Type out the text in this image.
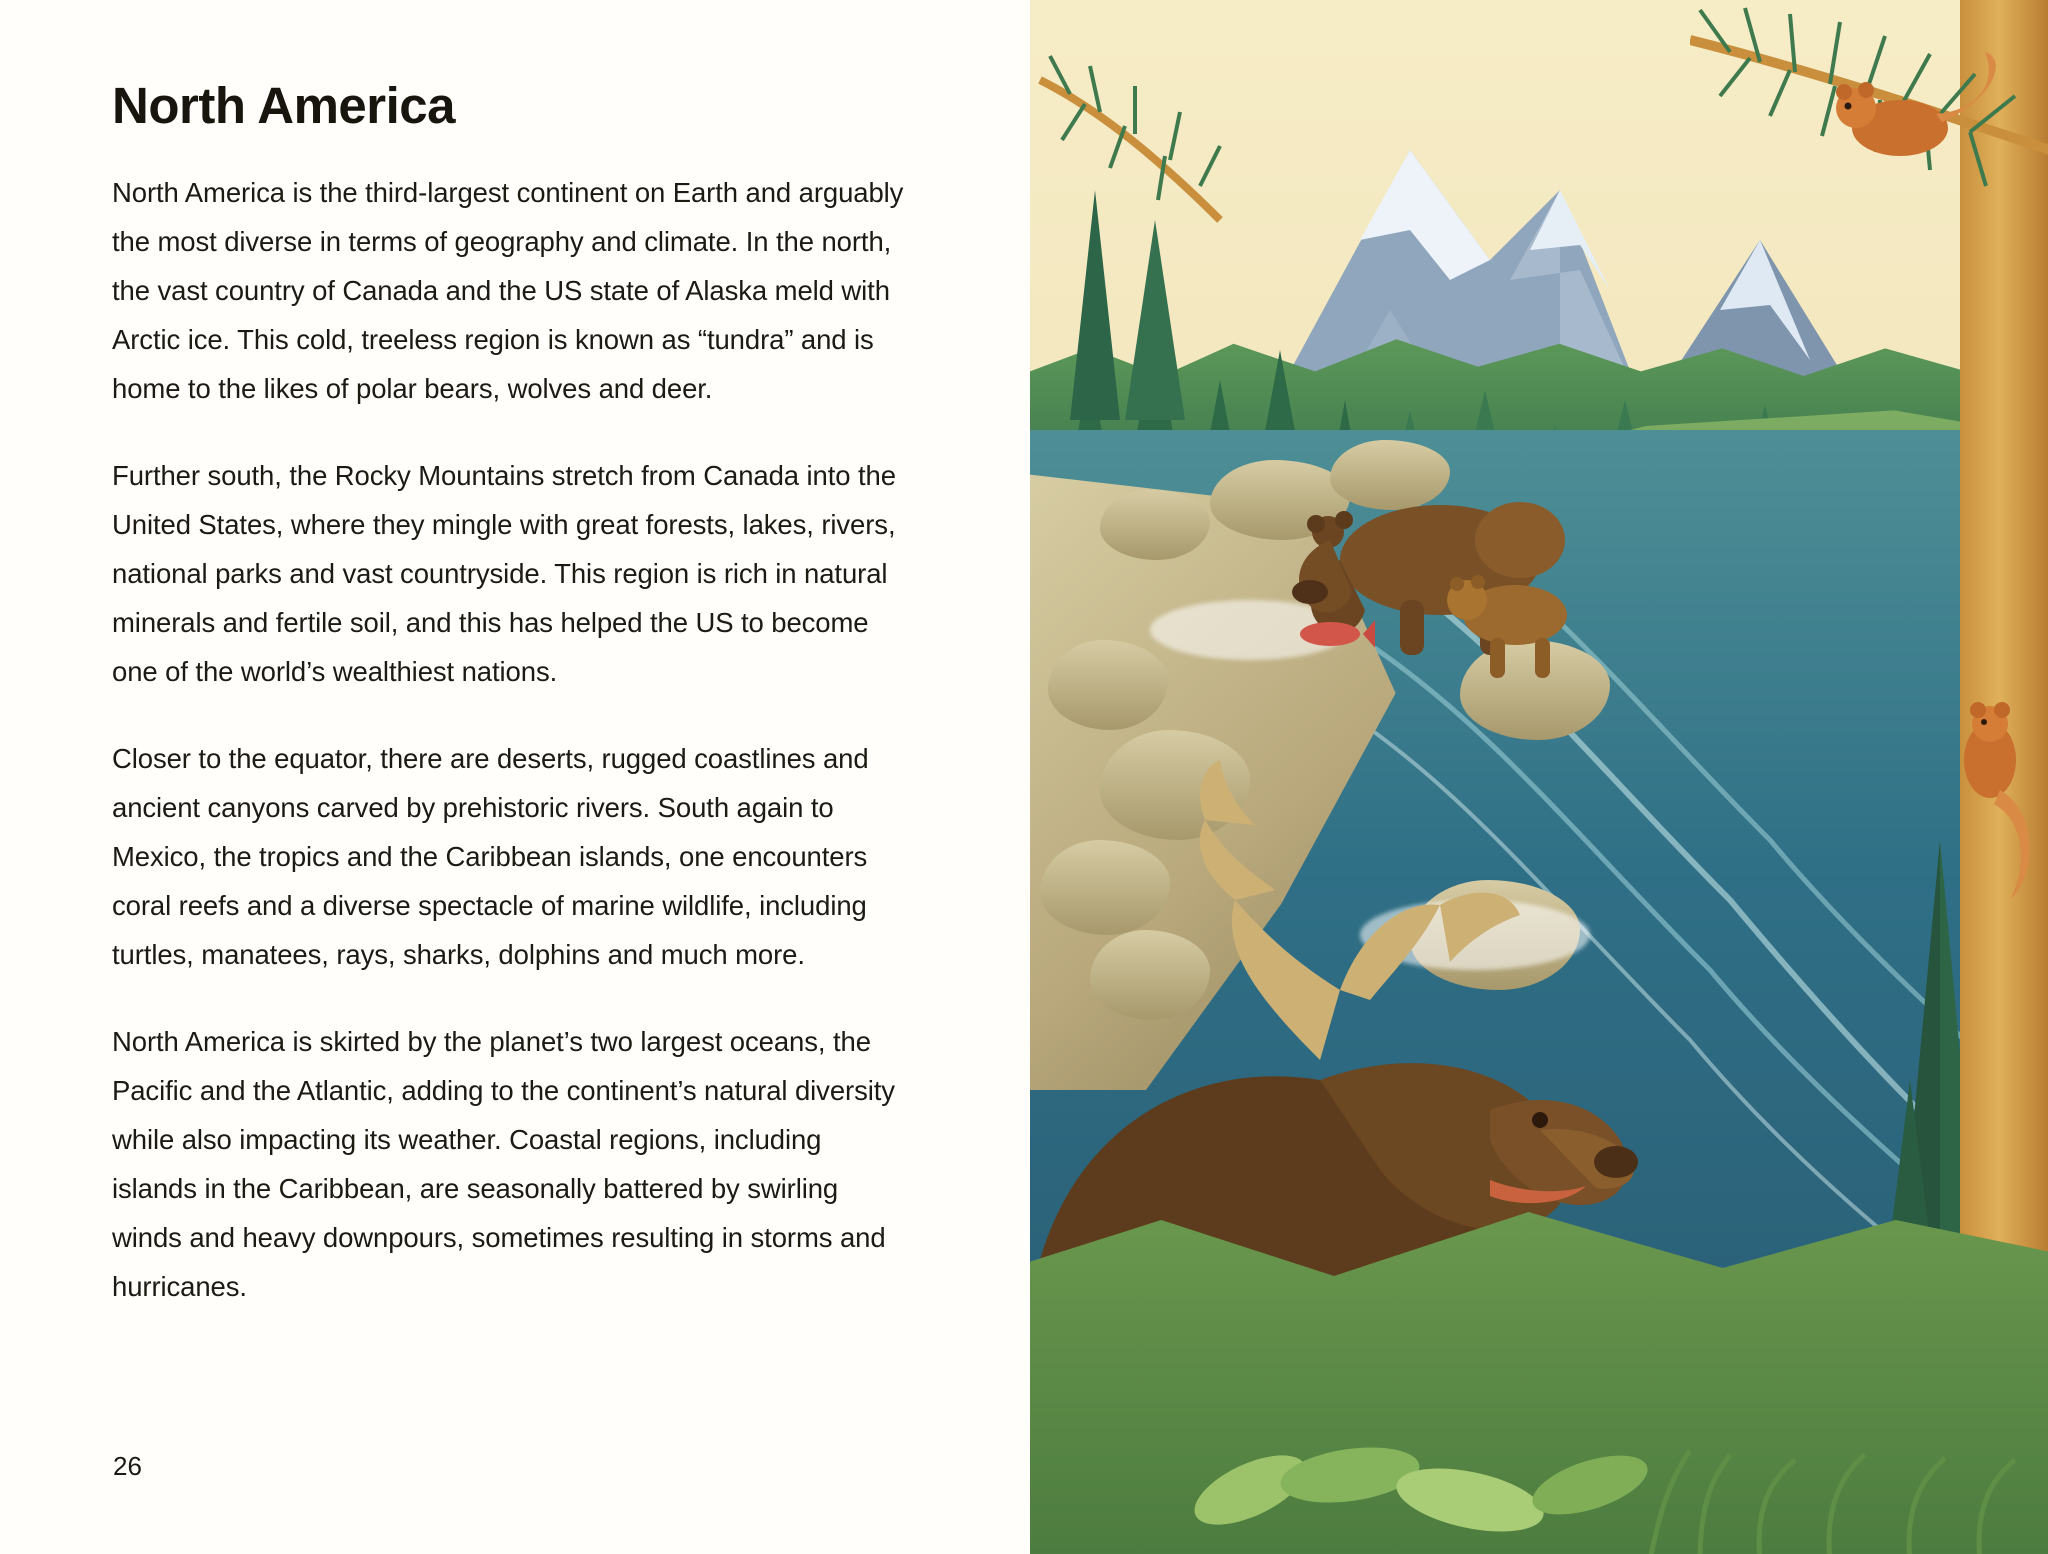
North America

North America is the third-largest continent on Earth and arguably the most diverse in terms of geography and climate. In the north, the vast country of Canada and the US state of Alaska meld with Arctic ice. This cold, treeless region is known as “tundra” and is home to the likes of polar bears, wolves and deer.

Further south, the Rocky Mountains stretch from Canada into the United States, where they mingle with great forests, lakes, rivers, national parks and vast countryside. This region is rich in natural minerals and fertile soil, and this has helped the US to become one of the world’s wealthiest nations.

Closer to the equator, there are deserts, rugged coastlines and ancient canyons carved by prehistoric rivers. South again to Mexico, the tropics and the Caribbean islands, one encounters coral reefs and a diverse spectacle of marine wildlife, including turtles, manatees, rays, sharks, dolphins and much more.

North America is skirted by the planet’s two largest oceans, the Pacific and the Atlantic, adding to the continent’s natural diversity while also impacting its weather. Coastal regions, including islands in the Caribbean, are seasonally battered by swirling winds and heavy downpours, sometimes resulting in storms and hurricanes.

26
